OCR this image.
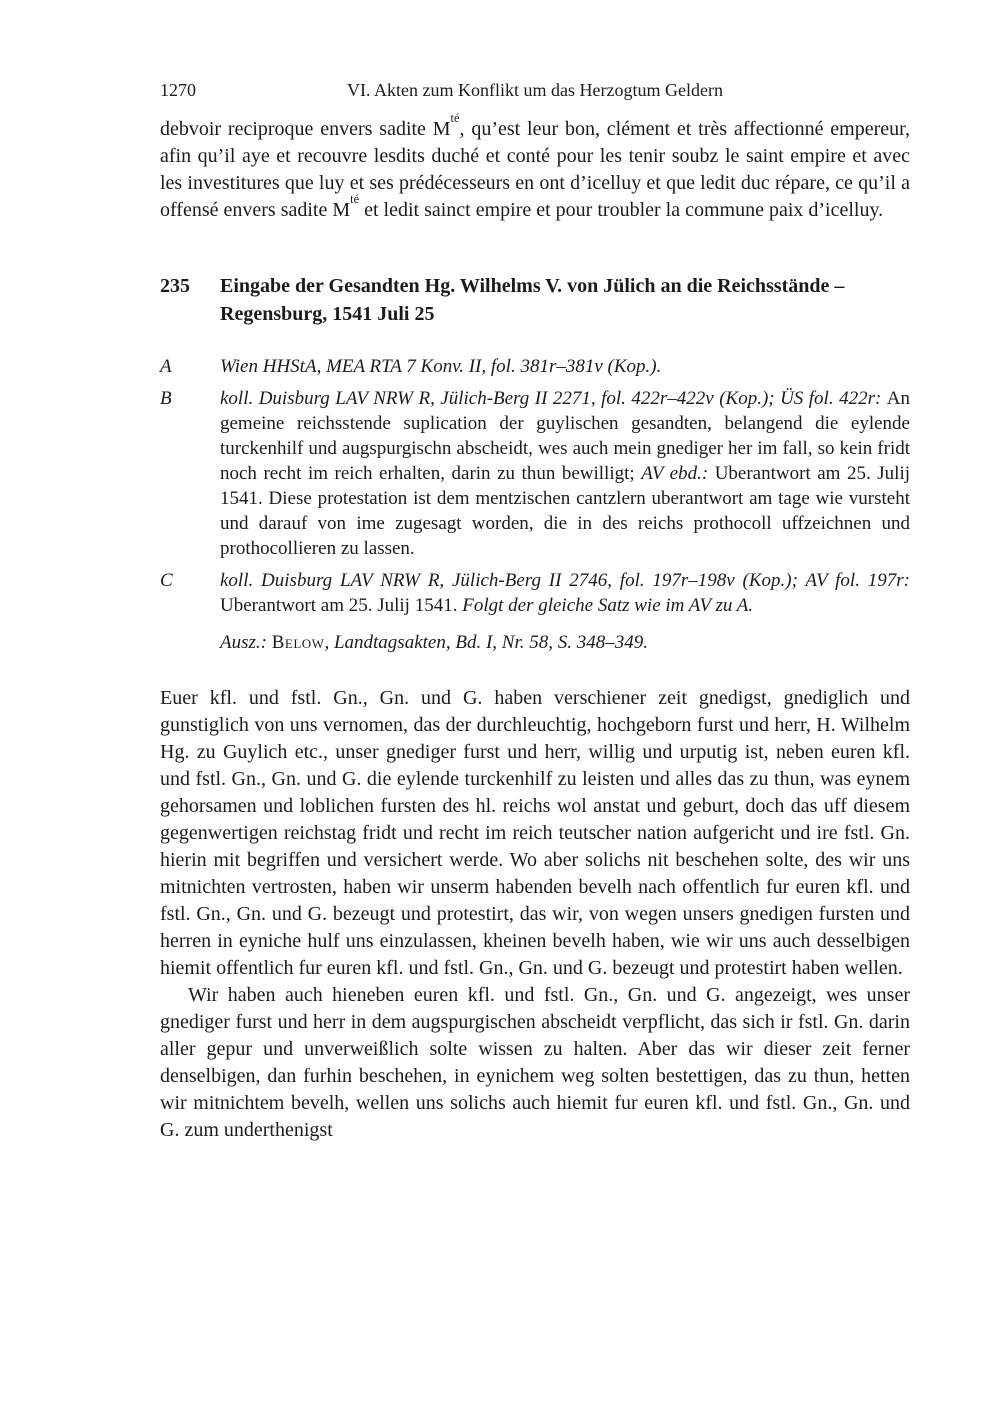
1270	VI. Akten zum Konflikt um das Herzogtum Geldern

debvoir reciproque envers sadite $M^{té}$, qu’est leur bon, clément et très affectionné empereur, afin qu’il aye et recouvre lesdits duché et conté pour les tenir soubz le saint empire et avec les investitures que luy et ses prédécesseurs en ont d’icelluy et que ledit duc répare, ce qu’il a offensé envers sadite $M^{té}$ et ledit sainct empire et pour troubler la commune paix d’icelluy.

235	Eingabe der Gesandten Hg. Wilhelms V. von Jülich an die Reichsstände – Regensburg, 1541 Juli 25
A	Wien HHStA, MEA RTA 7 Konv. II, fol. 381r–381v (Kop.).

B	koll. Duisburg LAV NRW R, Jülich-Berg II 2271, fol. 422r–422v (Kop.); ÜS fol. 422r: An gemeine reichsstende suplication der guylischen gesandten, belangend die eylende turckenhilf und augspurgischn abscheidt, wes auch mein gnediger her im fall, so kein fridt noch recht im reich erhalten, darin zu thun bewilligt; AV ebd.: Uberantwort am 25. Julij 1541. Diese protestation ist dem mentzischen cantzlern uberantwort am tage wie vursteht und darauf von ime zugesagt worden, die in des reichs prothocoll uffzeichnen und prothocollieren zu lassen.

C	koll. Duisburg LAV NRW R, Jülich-Berg II 2746, fol. 197r–198v (Kop.); AV fol. 197r: Uberantwort am 25. Julij 1541. Folgt der gleiche Satz wie im AV zu A.

Ausz.: Below, Landtagsakten, Bd. I, Nr. 58, S. 348–349.

Euer kfl. und fstl. Gn., Gn. und G. haben verschiener zeit gnedigst, gnediglich und gunstiglich von uns vernomen, das der durchleuchtig, hochgeborn furst und herr, H. Wilhelm Hg. zu Guylich etc., unser gnediger furst und herr, willig und urputig ist, neben euren kfl. und fstl. Gn., Gn. und G. die eylende turckenhilf zu leisten und alles das zu thun, was eynem gehorsamen und loblichen fursten des hl. reichs wol anstat und geburt, doch das uff diesem gegenwertigen reichstag fridt und recht im reich teutscher nation aufgericht und ire fstl. Gn. hierin mit begriffen und versichert werde. Wo aber solichs nit beschehen solte, des wir uns mitnichten vertrosten, haben wir unserm habenden bevelh nach offentlich fur euren kfl. und fstl. Gn., Gn. und G. bezeugt und protestirt, das wir, von wegen unsers gnedigen fursten und herren in eyniche hulf uns einzulassen, kheinen bevelh haben, wie wir uns auch desselbigen hiemit offentlich fur euren kfl. und fstl. Gn., Gn. und G. bezeugt und protestirt haben wellen.

Wir haben auch hieneben euren kfl. und fstl. Gn., Gn. und G. angezeigt, wes unser gnediger furst und herr in dem augspurgischen abscheidt verpflicht, das sich ir fstl. Gn. darin aller gepur und unverweißlich solte wissen zu halten. Aber das wir dieser zeit ferner denselbigen, dan furhin beschehen, in eynichem weg solten bestettigen, das zu thun, hetten wir mitnichtem bevelh, wellen uns solichs auch hiemit fur euren kfl. und fstl. Gn., Gn. und G. zum underthenigst
